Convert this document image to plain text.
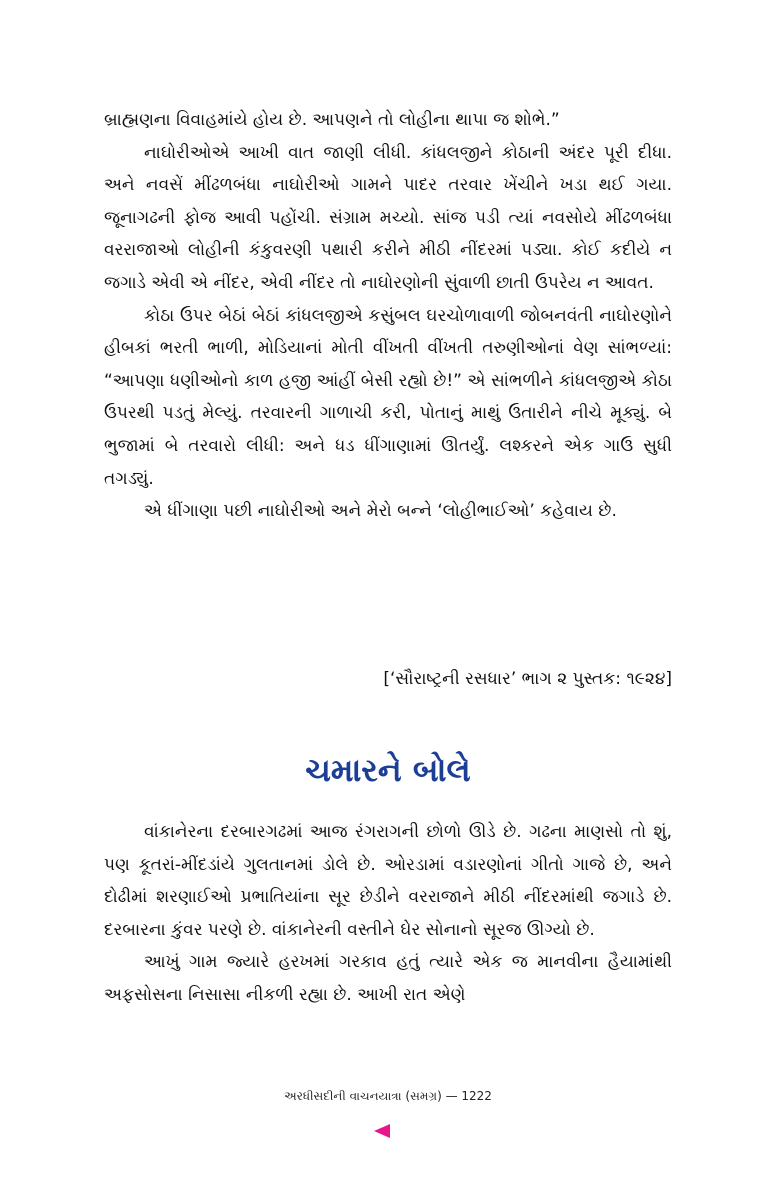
બ્રાહ્મણના વિવાહમાંયે હોય છે. આપણને તો લોહીના થાપા જ શોભે.”

નાઘોરીઓએ આખી વાત જાણી લીધી. કાંધલજીને કોઠાની અંદર પૂરી દીધા. અને નવસેં મીંઢળબંધા નાઘોરીઓ ગામને પાદર તરવાર ખેંચીને ખડા થઈ ગયા. જૂનાગઢની ફોજ આવી પહોંચી. સંગ્રામ મચ્યો. સાંજ પડી ત્યાં નવસોયે મીંઢળબંધા વરરાજાઓ લોહીની કંકુવરણી પથારી કરીને મીઠી નીંદરમાં પડ્યા. કોઈ કદીયે ન જગાડે એવી એ નીંદર, એવી નીંદર તો નાઘોરણોની સુંવાળી છાતી ઉપરેય ન આવત.

કોઠા ઉપર બેઠાં બેઠાં કાંધલજીએ કસુંબલ ઘરચોળાવાળી જોબનવંતી નાઘોરણોને હીબકાં ભરતી ભાળી, મોડિયાનાં મોતી વીંખતી વીંખતી તરુણીઓનાં વેણ સાંભળ્યાં: “આપણા ધણીઓનો કાળ હજી આંહીં બેસી રહ્યો છે!” એ સાંભળીને કાંધલજીએ કોઠા ઉપરથી પડતું મેલ્યું. તરવારની ગાળાચી કરી, પોતાનું માથું ઉતારીને નીચે મૂક્યું. બે ભુજામાં બે તરવારો લીધી: અને ધડ ધીંગાણામાં ઊતર્યું. લશ્કરને એક ગાઉ સુધી તગડ્યું.

એ ધીંગાણા પછી નાઘોરીઓ અને મેરો બન્ને ‘લોહીભાઈઓ’ કહેવાય છે.

[‘સૌરાષ્ટ્રની રસધાર’ ભાગ ૨ પુસ્તક: ૧૯૨૪]

ચમારને બોલે

વાંકાનેરના દરબારગઢમાં આજ રંગરાગની છોળો ઊડે છે. ગઢના માણસો તો શું, પણ કૂતરાં-મીંદડાંયે ગુલતાનમાં ડોલે છે. ઓરડામાં વડારણોનાં ગીતો ગાજે છે, અને દોઢીમાં શરણાઈઓ પ્રભાતિયાંના સૂર છેડીને વરરાજાને મીઠી નીંદરમાંથી જગાડે છે. દરબારના કુંવર પરણે છે. વાંકાનેરની વસ્તીને ઘેર સોનાનો સૂરજ ઊગ્યો છે.

આખું ગામ જ્યારે હરખમાં ગરકાવ હતું ત્યારે એક જ માનવીના હૈયામાંથી અફસોસના નિસાસા નીકળી રહ્યા છે. આખી રાત એણે

અરધીસદીની વાચનયાત્રા (સમગ્ર) — 1222
